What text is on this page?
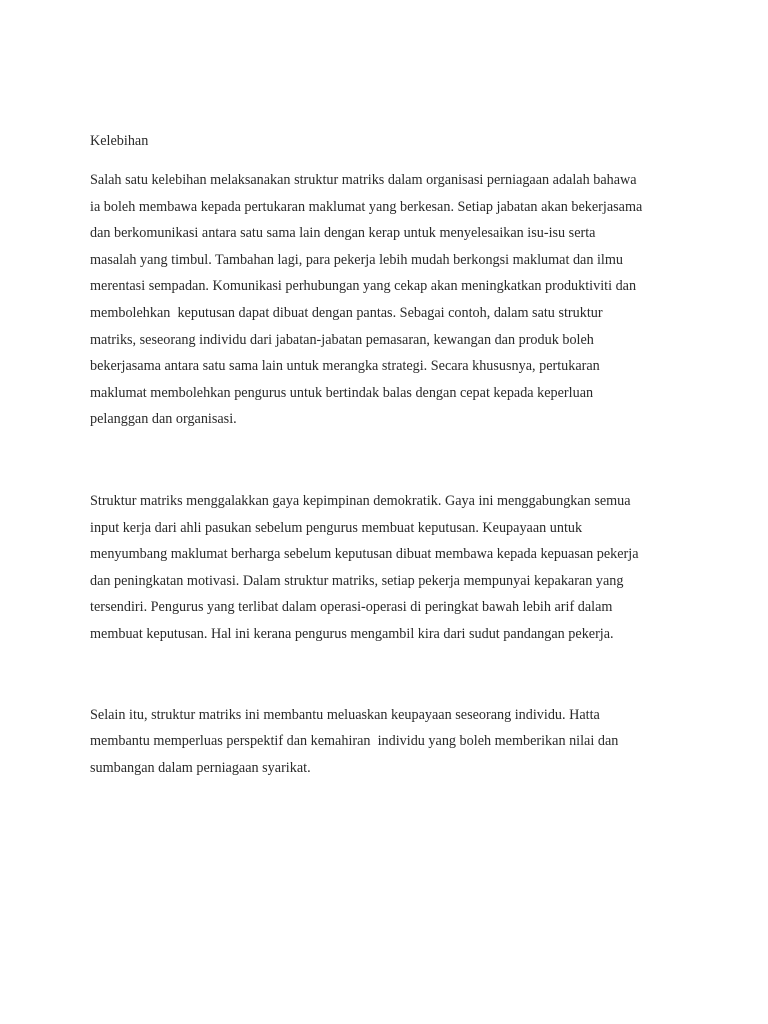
Kelebihan
Salah satu kelebihan melaksanakan struktur matriks dalam organisasi perniagaan adalah bahawa
ia boleh membawa kepada pertukaran maklumat yang berkesan. Setiap jabatan akan bekerjasama
dan berkomunikasi antara satu sama lain dengan kerap untuk menyelesaikan isu-isu serta
masalah yang timbul. Tambahan lagi, para pekerja lebih mudah berkongsi maklumat dan ilmu
merentasi sempadan. Komunikasi perhubungan yang cekap akan meningkatkan produktiviti dan
membolehkan  keputusan dapat dibuat dengan pantas. Sebagai contoh, dalam satu struktur
matriks, seseorang individu dari jabatan-jabatan pemasaran, kewangan dan produk boleh
bekerjasama antara satu sama lain untuk merangka strategi. Secara khususnya, pertukaran
maklumat membolehkan pengurus untuk bertindak balas dengan cepat kepada keperluan
pelanggan dan organisasi.
Struktur matriks menggalakkan gaya kepimpinan demokratik. Gaya ini menggabungkan semua
input kerja dari ahli pasukan sebelum pengurus membuat keputusan. Keupayaan untuk
menyumbang maklumat berharga sebelum keputusan dibuat membawa kepada kepuasan pekerja
dan peningkatan motivasi. Dalam struktur matriks, setiap pekerja mempunyai kepakaran yang
tersendiri. Pengurus yang terlibat dalam operasi-operasi di peringkat bawah lebih arif dalam
membuat keputusan. Hal ini kerana pengurus mengambil kira dari sudut pandangan pekerja.
Selain itu, struktur matriks ini membantu meluaskan keupayaan seseorang individu. Hatta
membantu memperluas perspektif dan kemahiran  individu yang boleh memberikan nilai dan
sumbangan dalam perniagaan syarikat.
